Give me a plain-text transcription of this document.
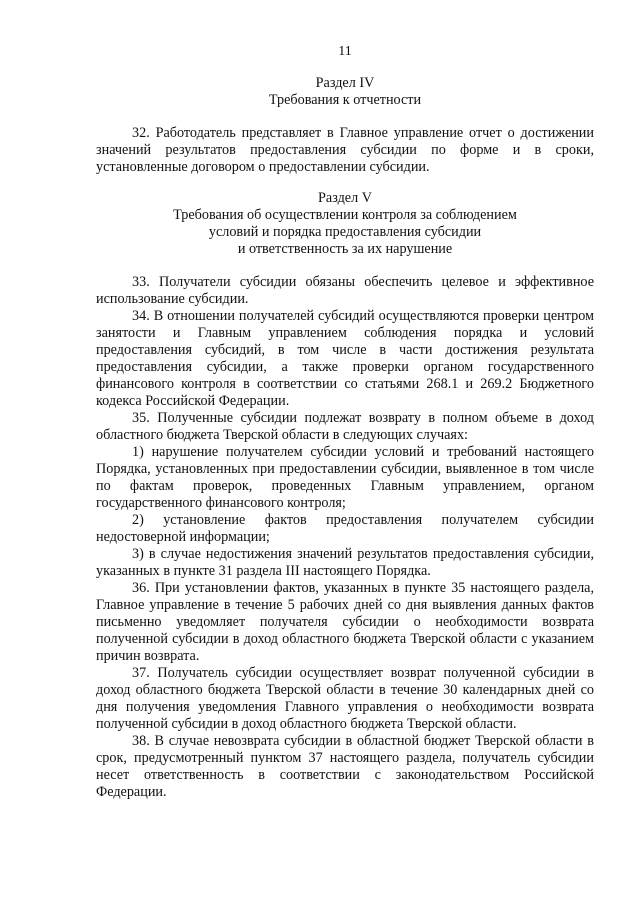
11
Раздел IV
Требования к отчетности

32. Работодатель представляет в Главное управление отчет о достижении значений результатов предоставления субсидии по форме и в сроки, установленные договором о предоставлении субсидии.

Раздел V
Требования об осуществлении контроля за соблюдением
условий и порядка предоставления субсидии
и ответственность за их нарушение

33. Получатели субсидии обязаны обеспечить целевое и эффективное использование субсидии.

34. В отношении получателей субсидий осуществляются проверки центром занятости и Главным управлением соблюдения порядка и условий предоставления субсидий, в том числе в части достижения результата предоставления субсидии, а также проверки органом государственного финансового контроля в соответствии со статьями 268.1 и 269.2 Бюджетного кодекса Российской Федерации.

35. Полученные субсидии подлежат возврату в полном объеме в доход областного бюджета Тверской области в следующих случаях:

1) нарушение получателем субсидии условий и требований настоящего Порядка, установленных при предоставлении субсидии, выявленное в том числе по фактам проверок, проведенных Главным управлением, органом государственного финансового контроля;

2) установление фактов предоставления получателем субсидии недостоверной информации;

3) в случае недостижения значений результатов предоставления субсидии, указанных в пункте 31 раздела III настоящего Порядка.

36. При установлении фактов, указанных в пункте 35 настоящего раздела, Главное управление в течение 5 рабочих дней со дня выявления данных фактов письменно уведомляет получателя субсидии о необходимости возврата полученной субсидии в доход областного бюджета Тверской области с указанием причин возврата.

37. Получатель субсидии осуществляет возврат полученной субсидии в доход областного бюджета Тверской области в течение 30 календарных дней со дня получения уведомления Главного управления о необходимости возврата полученной субсидии в доход областного бюджета Тверской области.

38. В случае невозврата субсидии в областной бюджет Тверской области в срок, предусмотренный пунктом 37 настоящего раздела, получатель субсидии несет ответственность в соответствии с законодательством Российской Федерации.
